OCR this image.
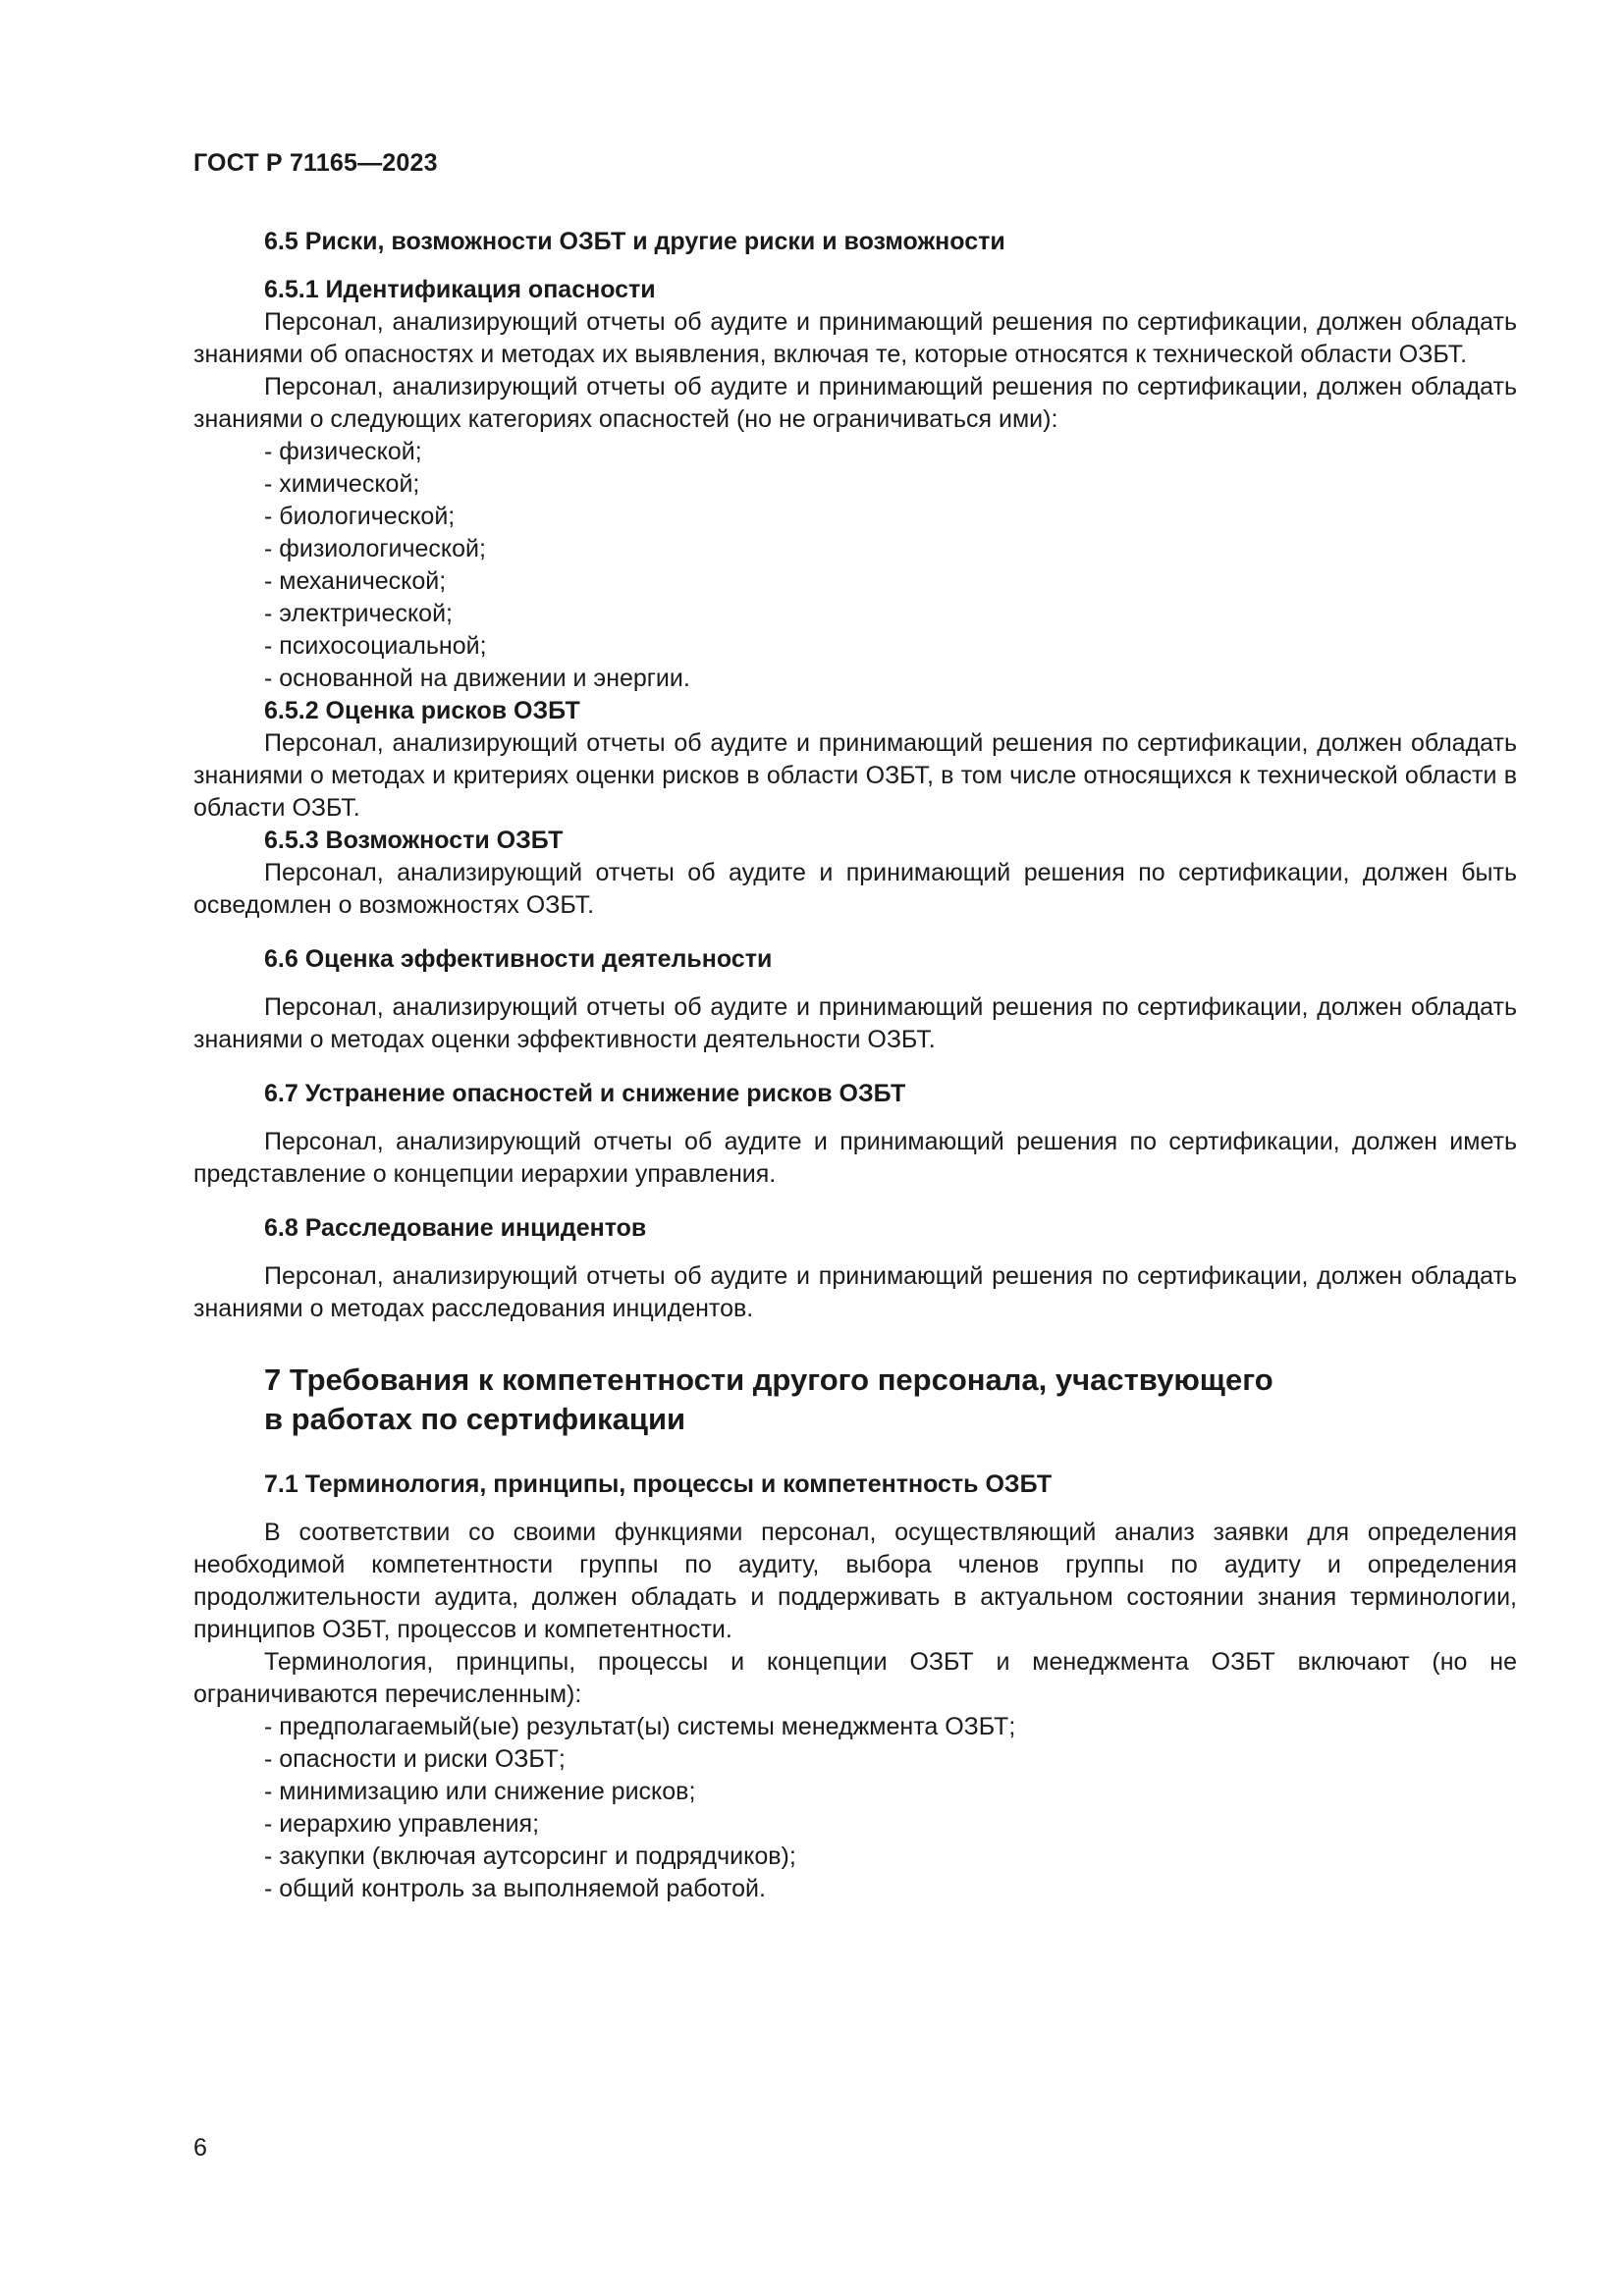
ГОСТ Р 71165—2023

6.5 Риски, возможности ОЗБТ и другие риски и возможности

6.5.1 Идентификация опасности

Персонал, анализирующий отчеты об аудите и принимающий решения по сертификации, должен обладать знаниями об опасностях и методах их выявления, включая те, которые относятся к технической области ОЗБТ.

Персонал, анализирующий отчеты об аудите и принимающий решения по сертификации, должен обладать знаниями о следующих категориях опасностей (но не ограничиваться ими):

- физической;
- химической;
- биологической;
- физиологической;
- механической;
- электрической;
- психосоциальной;
- основанной на движении и энергии.

6.5.2 Оценка рисков ОЗБТ

Персонал, анализирующий отчеты об аудите и принимающий решения по сертификации, должен обладать знаниями о методах и критериях оценки рисков в области ОЗБТ, в том числе относящихся к технической области в области ОЗБТ.

6.5.3 Возможности ОЗБТ

Персонал, анализирующий отчеты об аудите и принимающий решения по сертификации, должен быть осведомлен о возможностях ОЗБТ.

6.6 Оценка эффективности деятельности

Персонал, анализирующий отчеты об аудите и принимающий решения по сертификации, должен обладать знаниями о методах оценки эффективности деятельности ОЗБТ.

6.7 Устранение опасностей и снижение рисков ОЗБТ

Персонал, анализирующий отчеты об аудите и принимающий решения по сертификации, должен иметь представление о концепции иерархии управления.

6.8 Расследование инцидентов

Персонал, анализирующий отчеты об аудите и принимающий решения по сертификации, должен обладать знаниями о методах расследования инцидентов.

7 Требования к компетентности другого персонала, участвующего

в работах по сертификации

7.1 Терминология, принципы, процессы и компетентность ОЗБТ

В соответствии со своими функциями персонал, осуществляющий анализ заявки для определения необходимой компетентности группы по аудиту, выбора членов группы по аудиту и определения продолжительности аудита, должен обладать и поддерживать в актуальном состоянии знания терминологии, принципов ОЗБТ, процессов и компетентности.

Терминология, принципы, процессы и концепции ОЗБТ и менеджмента ОЗБТ включают (но не ограничиваются перечисленным):

- предполагаемый(ые) результат(ы) системы менеджмента ОЗБТ;
- опасности и риски ОЗБТ;
- минимизацию или снижение рисков;
- иерархию управления;
- закупки (включая аутсорсинг и подрядчиков);
- общий контроль за выполняемой работой.
6
